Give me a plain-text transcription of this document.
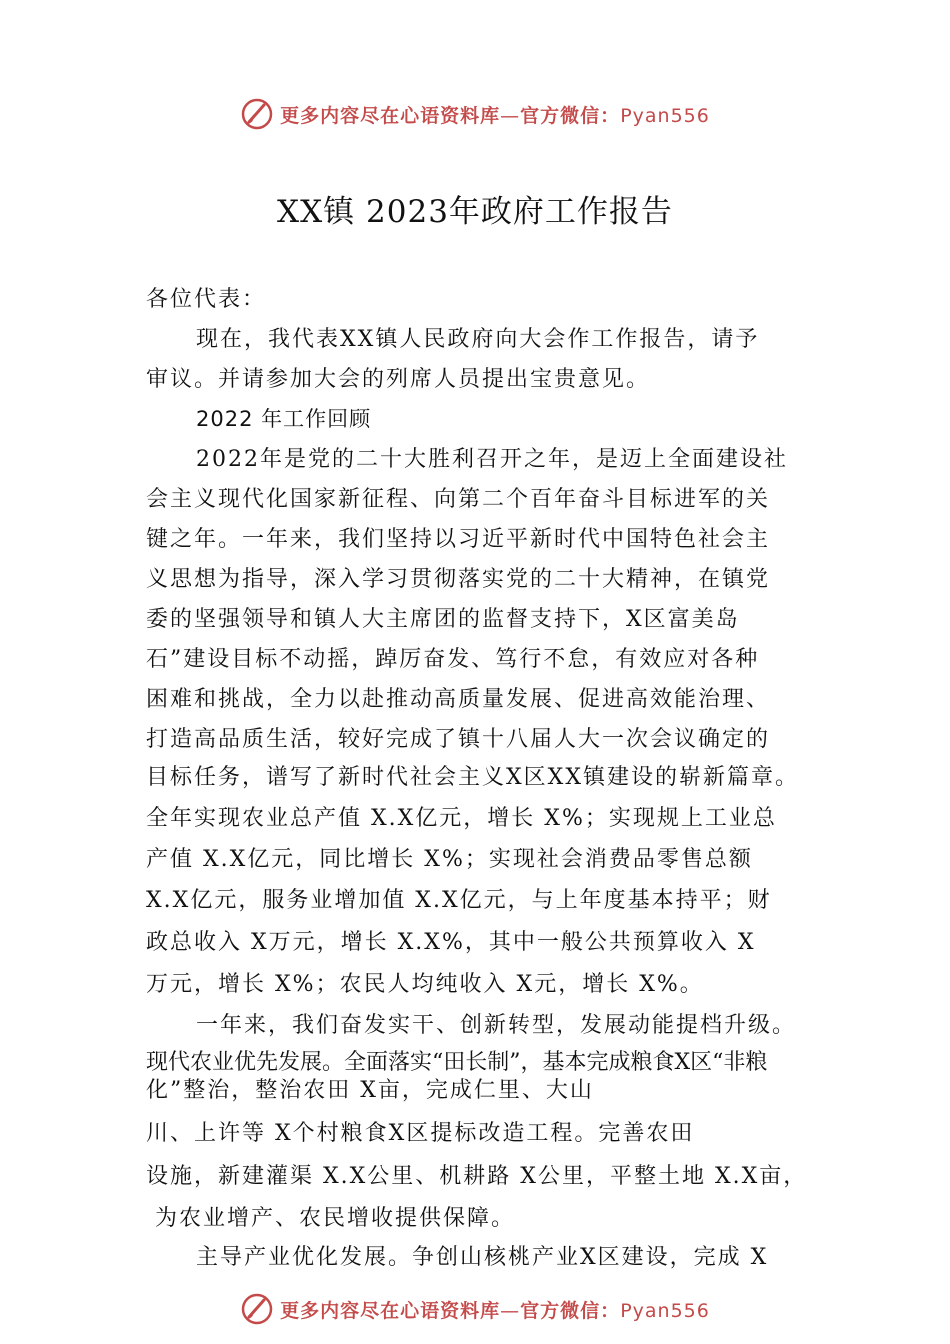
更多内容尽在心语资料库—官方微信：Pyan556
XX镇 2023年政府工作报告
各位代表：
现在，我代表XX镇人民政府向大会作工作报告，请予
审议。并请参加大会的列席人员提出宝贵意见。
2022 年工作回顾
2022年是党的二十大胜利召开之年，是迈上全面建设社
会主义现代化国家新征程、向第二个百年奋斗目标进军的关
键之年。一年来，我们坚持以习近平新时代中国特色社会主
义思想为指导，深入学习贯彻落实党的二十大精神，在镇党
委的坚强领导和镇人大主席团的监督支持下，X区富美岛
石”建设目标不动摇，踔厉奋发、笃行不怠，有效应对各种
困难和挑战，全力以赴推动高质量发展、促进高效能治理、
打造高品质生活，较好完成了镇十八届人大一次会议确定的
目标任务，谱写了新时代社会主义X区XX镇建设的崭新篇章。
全年实现农业总产值 X.X亿元，增长 X%；实现规上工业总
产值 X.X亿元，同比增长 X%；实现社会消费品零售总额
X.X亿元，服务业增加值 X.X亿元，与上年度基本持平；财
政总收入 X万元，增长 X.X%，其中一般公共预算收入 X
万元，增长 X%；农民人均纯收入 X元，增长 X%。
一年来，我们奋发实干、创新转型，发展动能提档升级。
现代农业优先发展。全面落实“田长制”，基本完成粮食X区“非粮
化”整治，整治农田 X亩，完成仁里、大山
川、上许等 X个村粮食X区提标改造工程。完善农田
设施，新建灌渠 X.X公里、机耕路 X公里，平整土地 X.X亩，
为农业增产、农民增收提供保障。
主导产业优化发展。争创山核桃产业X区建设，完成 X
更多内容尽在心语资料库—官方微信：Pyan556
